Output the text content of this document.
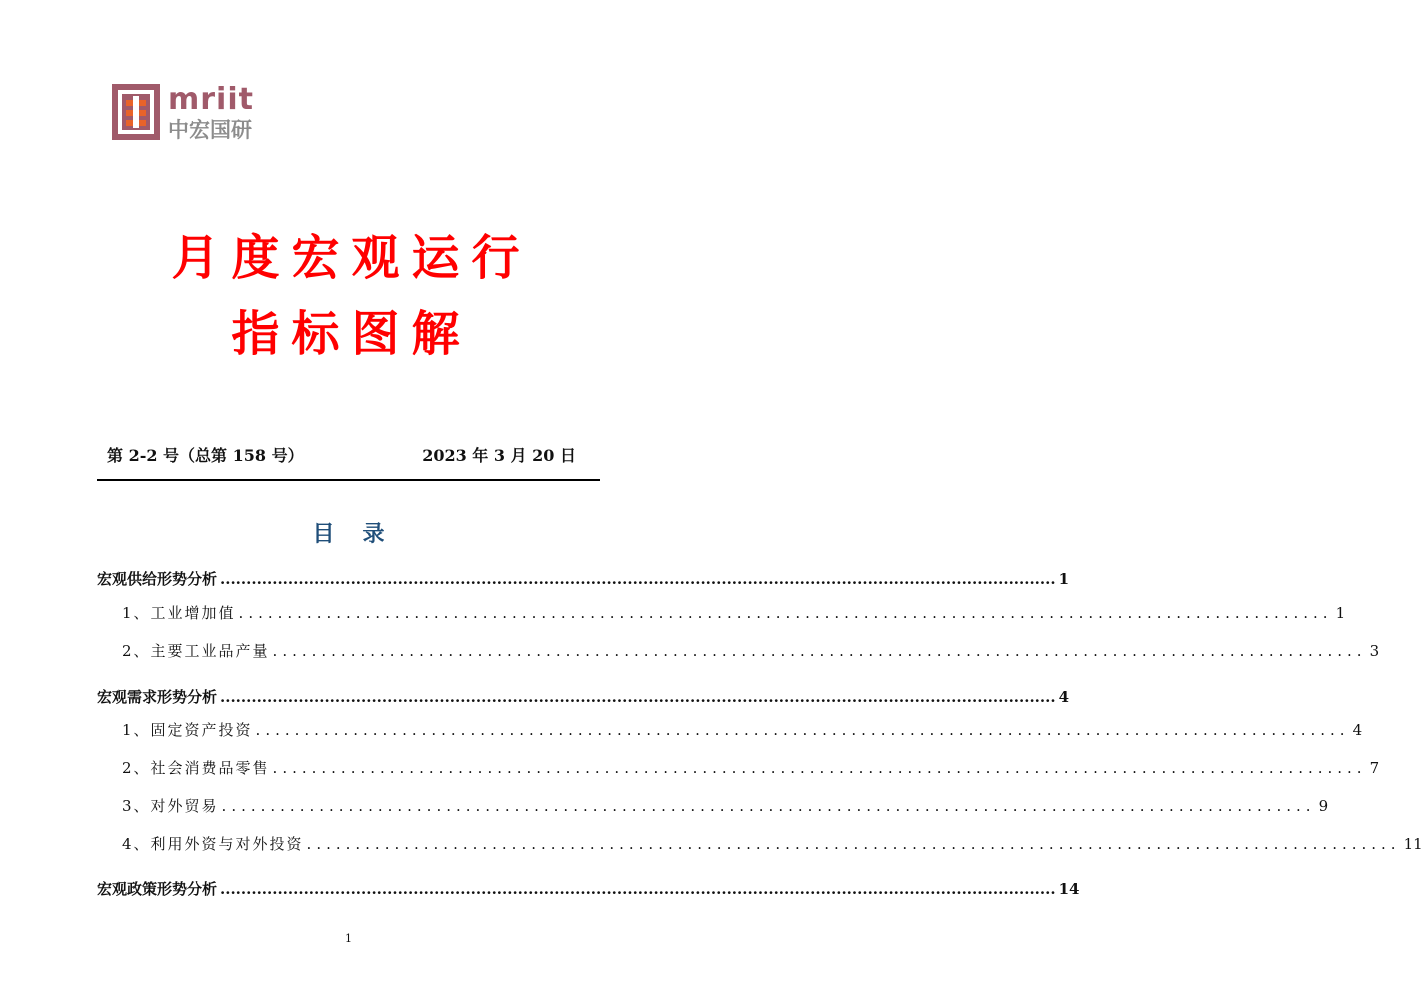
mriit
中宏国研
月度宏观运行
指标图解
第 2-2 号（总第 158 号）	2023 年 3 月 20 日
目录
宏观供给形势分析 ................................................................................................................................................................ 1
1、工业增加值 ................................................................................................................ 1
2、主要工业品产量 ................................................................................................................ 3
宏观需求形势分析 ................................................................................................................................................................ 4
1、固定资产投资 ................................................................................................................ 4
2、社会消费品零售 ................................................................................................................ 7
3、对外贸易 ................................................................................................................ 9
4、利用外资与对外投资 ................................................................................................................ 11
宏观政策形势分析 ................................................................................................................................................................ 14
1
